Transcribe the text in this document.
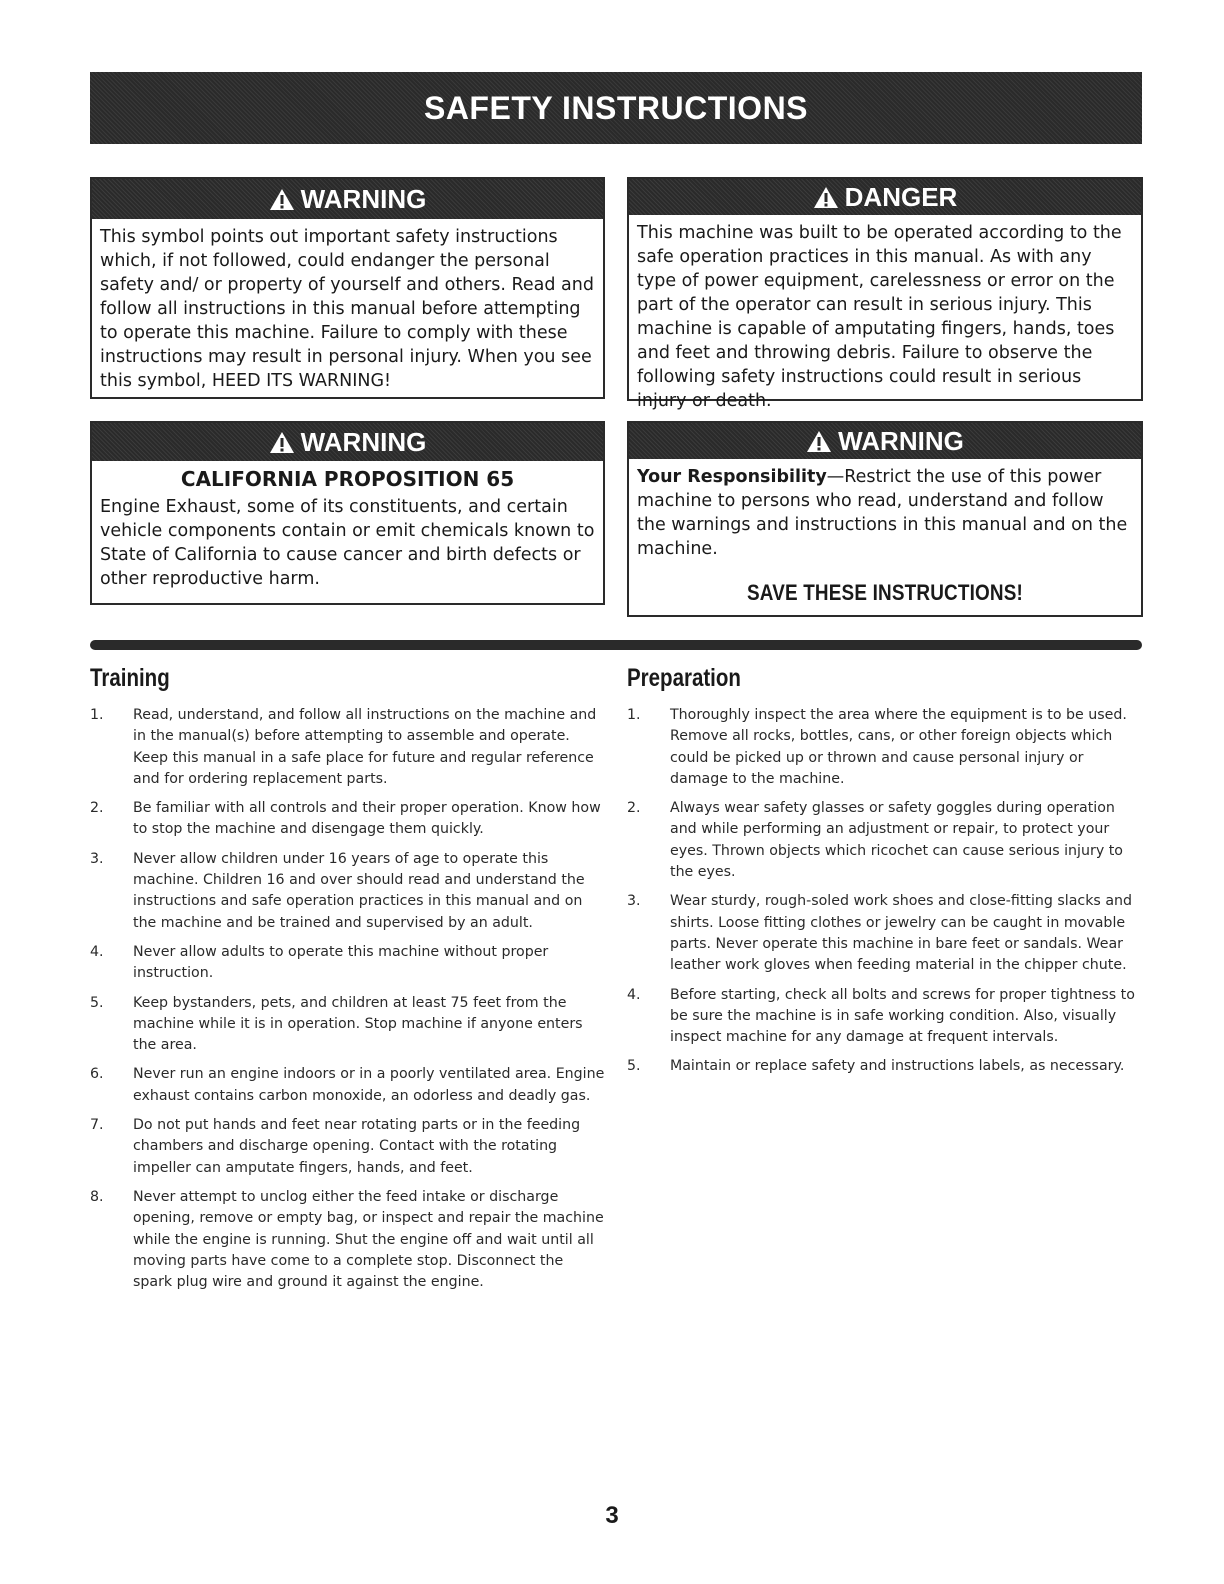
SAFETY INSTRUCTIONS
WARNING
This symbol points out important safety instructions which, if not followed, could endanger the personal safety and/ or property of yourself and others. Read and follow all instructions in this manual before attempting to operate this machine. Failure to comply with these instructions may result in personal injury. When you see this symbol, HEED ITS WARNING!
DANGER
This machine was built to be operated according to the safe operation practices in this manual. As with any type of power equipment, carelessness or error on the part of the operator can result in serious injury. This machine is capable of amputating fingers, hands, toes and feet and throwing debris. Failure to observe the following safety instructions could result in serious injury or death.
WARNING
CALIFORNIA PROPOSITION 65
Engine Exhaust, some of its constituents, and certain vehicle components contain or emit chemicals known to State of California to cause cancer and birth defects or other reproductive harm.
WARNING
Your Responsibility—Restrict the use of this power machine to persons who read, understand and follow the warnings and instructions in this manual and on the machine.
SAVE THESE INSTRUCTIONS!
Training
1.	Read, understand, and follow all instructions on the machine and in the manual(s) before attempting to assemble and operate. Keep this manual in a safe place for future and regular reference and for ordering replacement parts.
2.	Be familiar with all controls and their proper operation. Know how to stop the machine and disengage them quickly.
3.	Never allow children under 16 years of age to operate this machine. Children 16 and over should read and understand the instructions and safe operation practices in this manual and on the machine and be trained and supervised by an adult.
4.	Never allow adults to operate this machine without proper instruction.
5.	Keep bystanders, pets, and children at least 75 feet from the machine while it is in operation. Stop machine if anyone enters the area.
6.	Never run an engine indoors or in a poorly ventilated area. Engine exhaust contains carbon monoxide, an odorless and deadly gas.
7.	Do not put hands and feet near rotating parts or in the feeding chambers and discharge opening. Contact with the rotating impeller can amputate fingers, hands, and feet.
8.	Never attempt to unclog either the feed intake or discharge opening, remove or empty bag, or inspect and repair the machine while the engine is running. Shut the engine off and wait until all moving parts have come to a complete stop. Disconnect the spark plug wire and ground it against the engine.
Preparation
1.	Thoroughly inspect the area where the equipment is to be used. Remove all rocks, bottles, cans, or other foreign objects which could be picked up or thrown and cause personal injury or damage to the machine.
2.	Always wear safety glasses or safety goggles during operation and while performing an adjustment or repair, to protect your eyes. Thrown objects which ricochet can cause serious injury to the eyes.
3.	Wear sturdy, rough-soled work shoes and close-fitting slacks and shirts. Loose fitting clothes or jewelry can be caught in movable parts. Never operate this machine in bare feet or sandals. Wear leather work gloves when feeding material in the chipper chute.
4.	Before starting, check all bolts and screws for proper tightness to be sure the machine is in safe working condition. Also, visually inspect machine for any damage at frequent intervals.
5.	Maintain or replace safety and instructions labels, as necessary.
3
